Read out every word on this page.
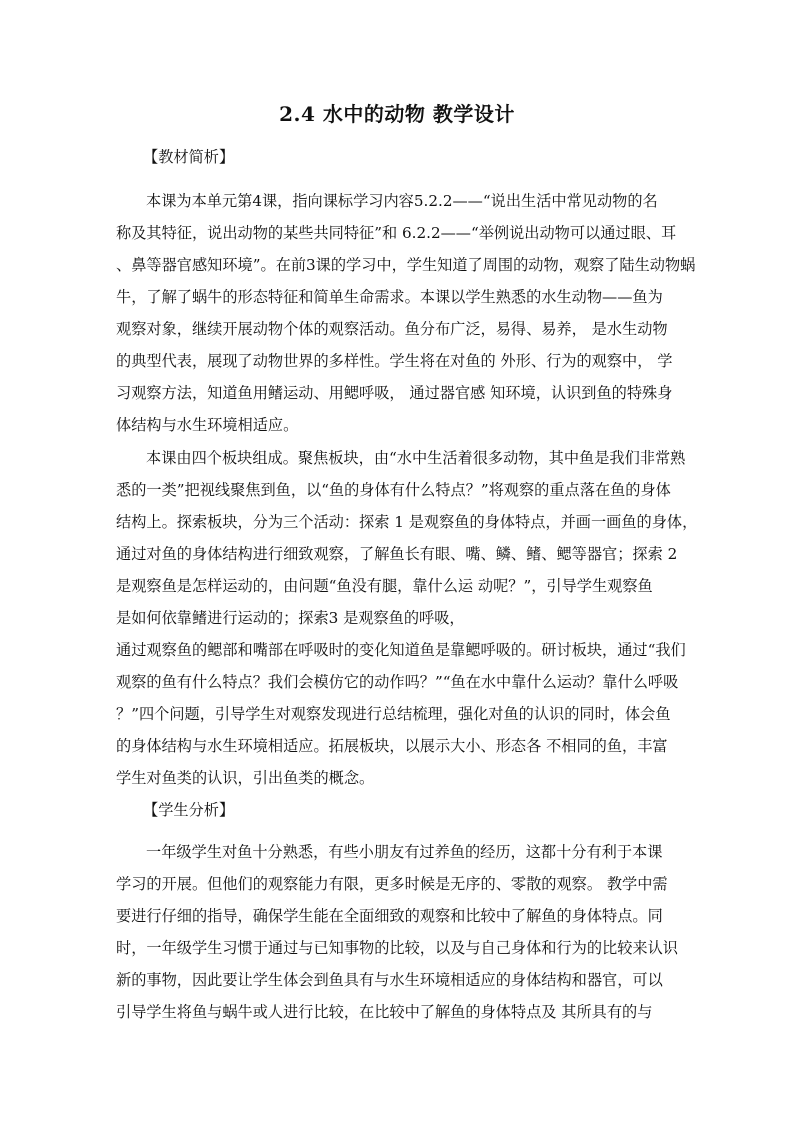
2.4 水中的动物 教学设计
【教材简析】
本课为本单元第4课，指向课标学习内容5.2.2——“说出生活中常见动物的名
称及其特征，说出动物的某些共同特征”和 6.2.2——“举例说出动物可以通过眼、耳
、鼻等器官感知环境”。在前3课的学习中，学生知道了周围的动物，观察了陆生动物蜗
牛，了解了蜗牛的形态特征和简单生命需求。本课以学生熟悉的水生动物——鱼为
观察对象，继续开展动物个体的观察活动。鱼分布广泛，易得、易养， 是水生动物
的典型代表，展现了动物世界的多样性。学生将在对鱼的 外形、行为的观察中， 学
习观察方法，知道鱼用鳍运动、用鳃呼吸， 通过器官感 知环境，认识到鱼的特殊身
体结构与水生环境相适应。
本课由四个板块组成。聚焦板块，由“水中生活着很多动物，其中鱼是我们非常熟
悉的一类”把视线聚焦到鱼，以“鱼的身体有什么特点？”将观察的重点落在鱼的身体
结构上。探索板块，分为三个活动：探索 1 是观察鱼的身体特点，并画一画鱼的身体，
通过对鱼的身体结构进行细致观察，了解鱼长有眼、嘴、鳞、鳍、鳃等器官；探索 2
是观察鱼是怎样运动的，由问题“鱼没有腿，靠什么运 动呢？”，引导学生观察鱼
是如何依靠鳍进行运动的；探索3 是观察鱼的呼吸，
通过观察鱼的鳃部和嘴部在呼吸时的变化知道鱼是靠鳃呼吸的。研讨板块，通过“我们
观察的鱼有什么特点？我们会模仿它的动作吗？”“鱼在水中靠什么运动？靠什么呼吸
？”四个问题，引导学生对观察发现进行总结梳理，强化对鱼的认识的同时，体会鱼
的身体结构与水生环境相适应。拓展板块，以展示大小、形态各 不相同的鱼，丰富
学生对鱼类的认识，引出鱼类的概念。
【学生分析】
一年级学生对鱼十分熟悉，有些小朋友有过养鱼的经历，这都十分有利于本课
学习的开展。但他们的观察能力有限，更多时候是无序的、零散的观察。 教学中需
要进行仔细的指导，确保学生能在全面细致的观察和比较中了解鱼的身体特点。同
时，一年级学生习惯于通过与已知事物的比较，以及与自己身体和行为的比较来认识
新的事物，因此要让学生体会到鱼具有与水生环境相适应的身体结构和器官，可以
引导学生将鱼与蜗牛或人进行比较，在比较中了解鱼的身体特点及 其所具有的与
